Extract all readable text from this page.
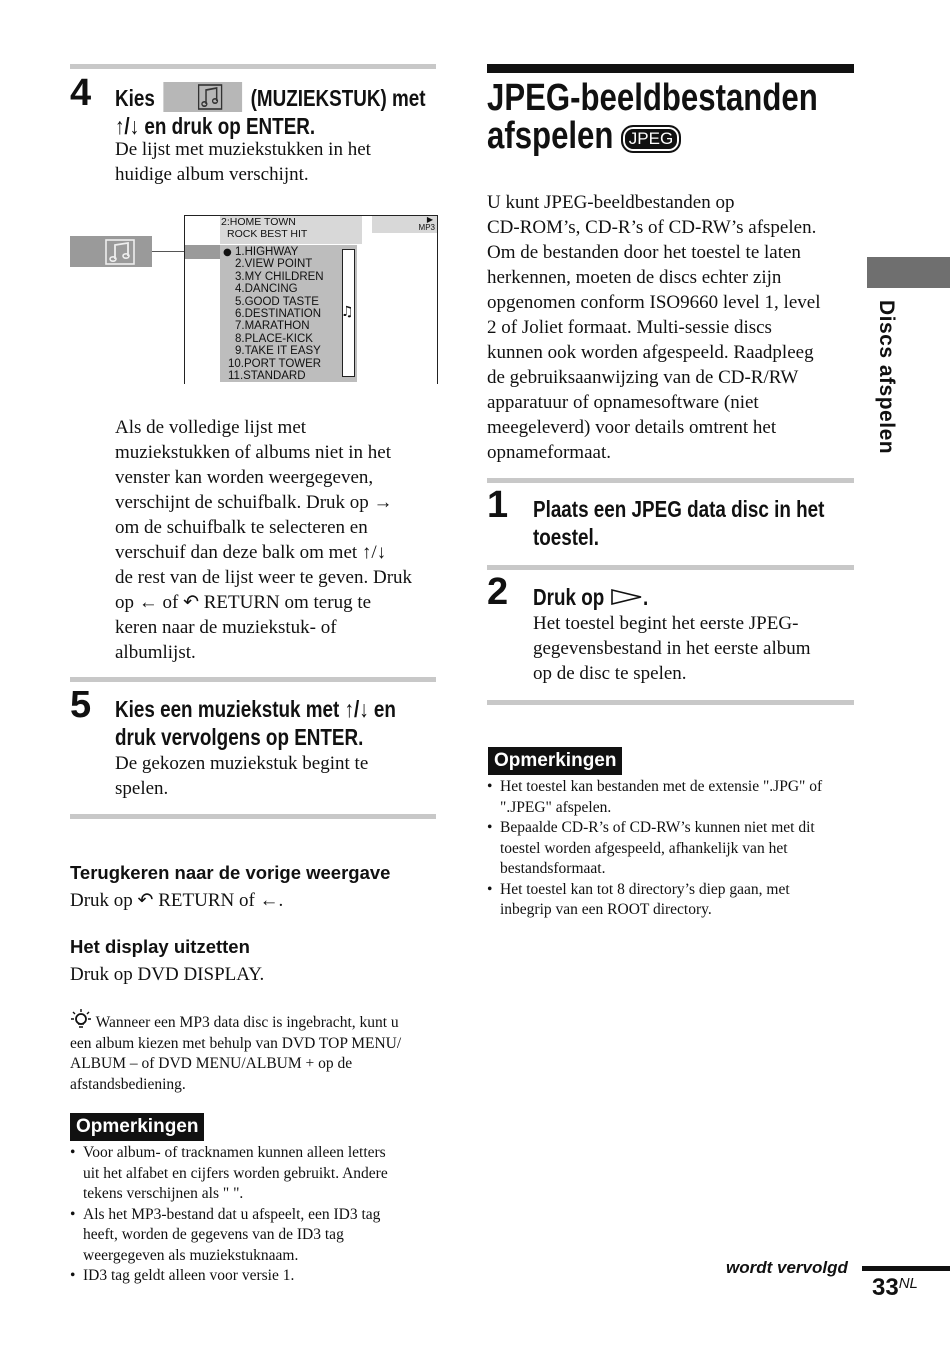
4 Kies	(MUZIEKSTUK) met
↑/↓ en druk op ENTER.
De lijst met muziekstukken in het
huidige album verschijnt.
2:HOME TOWN
ROCK BEST HIT
▶
MP3
● 1.HIGHWAY
2.VIEW POINT
3.MY CHILDREN
4.DANCING
5.GOOD TASTE
6.DESTINATION
7.MARATHON
8.PLACE-KICK
9.TAKE IT EASY
10.PORT TOWER
11.STANDARD
♫
Als de volledige lijst met
muziekstukken of albums niet in het
venster kan worden weergegeven,
verschijnt de schuifbalk. Druk op →
om de schuifbalk te selecteren en
verschuif dan deze balk om met ↑/↓
de rest van de lijst weer te geven. Druk
op ← of ↶ RETURN om terug te
keren naar de muziekstuk- of
albumlijst.
5 Kies een muziekstuk met ↑/↓ en
druk vervolgens op ENTER.
De gekozen muziekstuk begint te
spelen.
Terugkeren naar de vorige weergave
Druk op ↶ RETURN of ←.
Het display uitzetten
Druk op DVD DISPLAY.
Wanneer een MP3 data disc is ingebracht, kunt u
een album kiezen met behulp van DVD TOP MENU/
ALBUM – of DVD MENU/ALBUM + op de
afstandsbediening.
Opmerkingen
• Voor album- of tracknamen kunnen alleen letters
uit het alfabet en cijfers worden gebruikt. Andere
tekens verschijnen als " ".
• Als het MP3-bestand dat u afspeelt, een ID3 tag
heeft, worden de gegevens van de ID3 tag
weergegeven als muziekstuknaam.
• ID3 tag geldt alleen voor versie 1.
JPEG-beeldbestanden
afspelen JPEG
U kunt JPEG-beeldbestanden op
CD-ROM’s, CD-R’s of CD-RW’s afspelen.
Om de bestanden door het toestel te laten
herkennen, moeten de discs echter zijn
opgenomen conform ISO9660 level 1, level
2 of Joliet formaat. Multi-sessie discs
kunnen ook worden afgespeeld. Raadpleeg
de gebruiksaanwijzing van de CD-R/RW
apparatuur of opnamesoftware (niet
meegeleverd) voor details omtrent het
opnameformaat.
1 Plaats een JPEG data disc in het
toestel.
2 Druk op .
Het toestel begint het eerste JPEG-
gegevensbestand in het eerste album
op de disc te spelen.
Opmerkingen
• Het toestel kan bestanden met de extensie ".JPG" of
".JPEG" afspelen.
• Bepaalde CD-R’s of CD-RW’s kunnen niet met dit
toestel worden afgespeeld, afhankelijk van het
bestandsformaat.
• Het toestel kan tot 8 directory’s diep gaan, met
inbegrip van een ROOT directory.
Discs afspelen
wordt vervolgd
$33^{NL}$
